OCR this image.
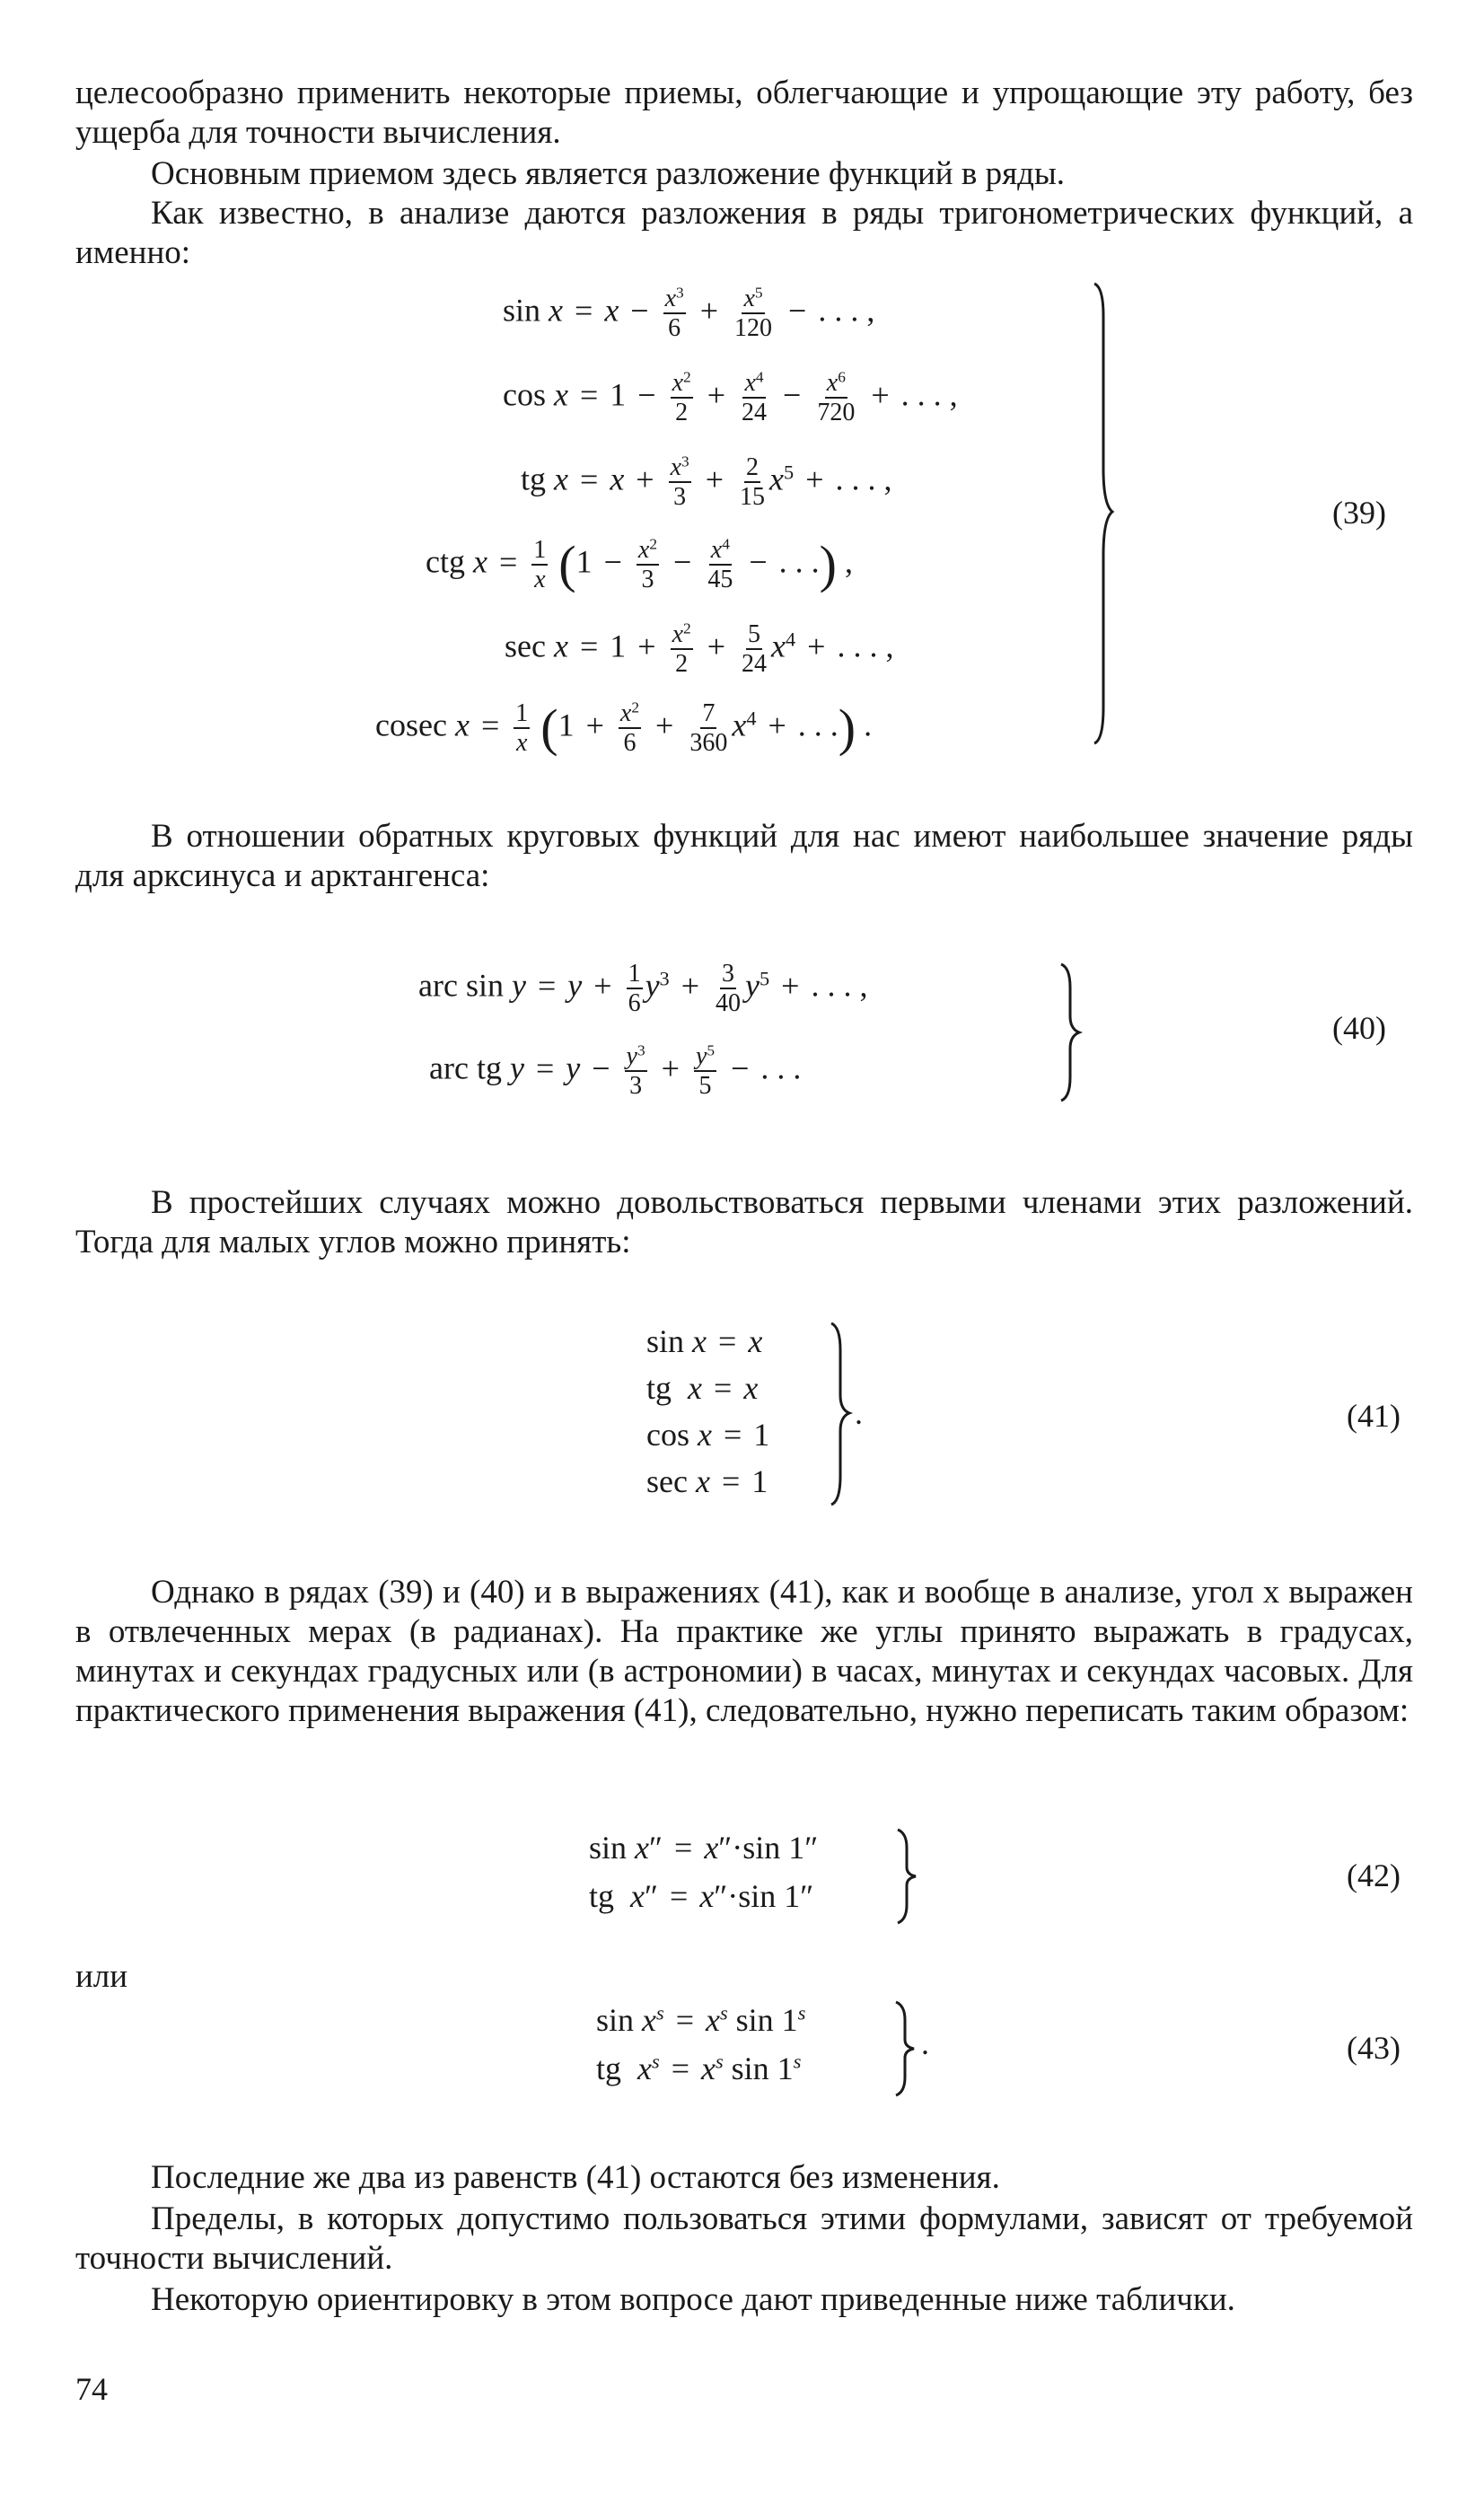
целесообразно применить некоторые приемы, облегчающие и упрощающие эту работу, без ущерба для точности вычисления.
Основным приемом здесь является разложение функций в ряды.
Как известно, в анализе даются разложения в ряды тригонометрических функций, а именно:
$\sin x = x - \frac{x^3}{6} + \frac{x^5}{120}$ − . . . ,
$\cos x = 1 - \frac{x^2}{2} + \frac{x^4}{24} - \frac{x^6}{720}$ + . . . ,
tg $x = x + \frac{x^3}{3} + \frac{2}{15} x^5$ + . . . ,
ctg $x = \frac{1}{x} (1 - \frac{x^2}{3} - \frac{x^4}{45}$ − . . .) ,
$\sec x = 1 + \frac{x^2}{2} + \frac{5}{24} x^4$ + . . . ,
cosec $x = \frac{1}{x} (1 + \frac{x^2}{6} + \frac{7}{360} x^4$ + . . .) .
(39)
В отношении обратных круговых функций для нас имеют наибольшее значение ряды для арксинуса и арктангенса:
arc $\sin y = y + \frac{1}{6} y^3 + \frac{3}{40} y^5$ + . . . ,
arc tg $y = y - \frac{y^3}{3} + \frac{y^5}{5}$ − . . .
(40)
В простейших случаях можно довольствоваться первыми членами этих разложений. Тогда для малых углов можно принять:
sin x = x
tg  x = x
cos x = 1
sec x = 1
.	(41)
Однако в рядах (39) и (40) и в выражениях (41), как и вообще в анализе, угол x выражен в отвлеченных мерах (в радианах). На практике же углы принято выражать в градусах, минутах и секундах градусных или (в астрономии) в часах, минутах и секундах часовых. Для практического применения выражения (41), следовательно, нужно переписать таким образом:
sin x″ = x″·sin 1″
tg  x″ = x″·sin 1″
(42)
или
$\sin x^s = x^s$ sin 1$^s$
tg  $x^s = x^s$ sin 1$^s$
.	(43)
Последние же два из равенств (41) остаются без изменения.
Пределы, в которых допустимо пользоваться этими формулами, зависят от требуемой точности вычислений.
Некоторую ориентировку в этом вопросе дают приведенные ниже таблички.
74
